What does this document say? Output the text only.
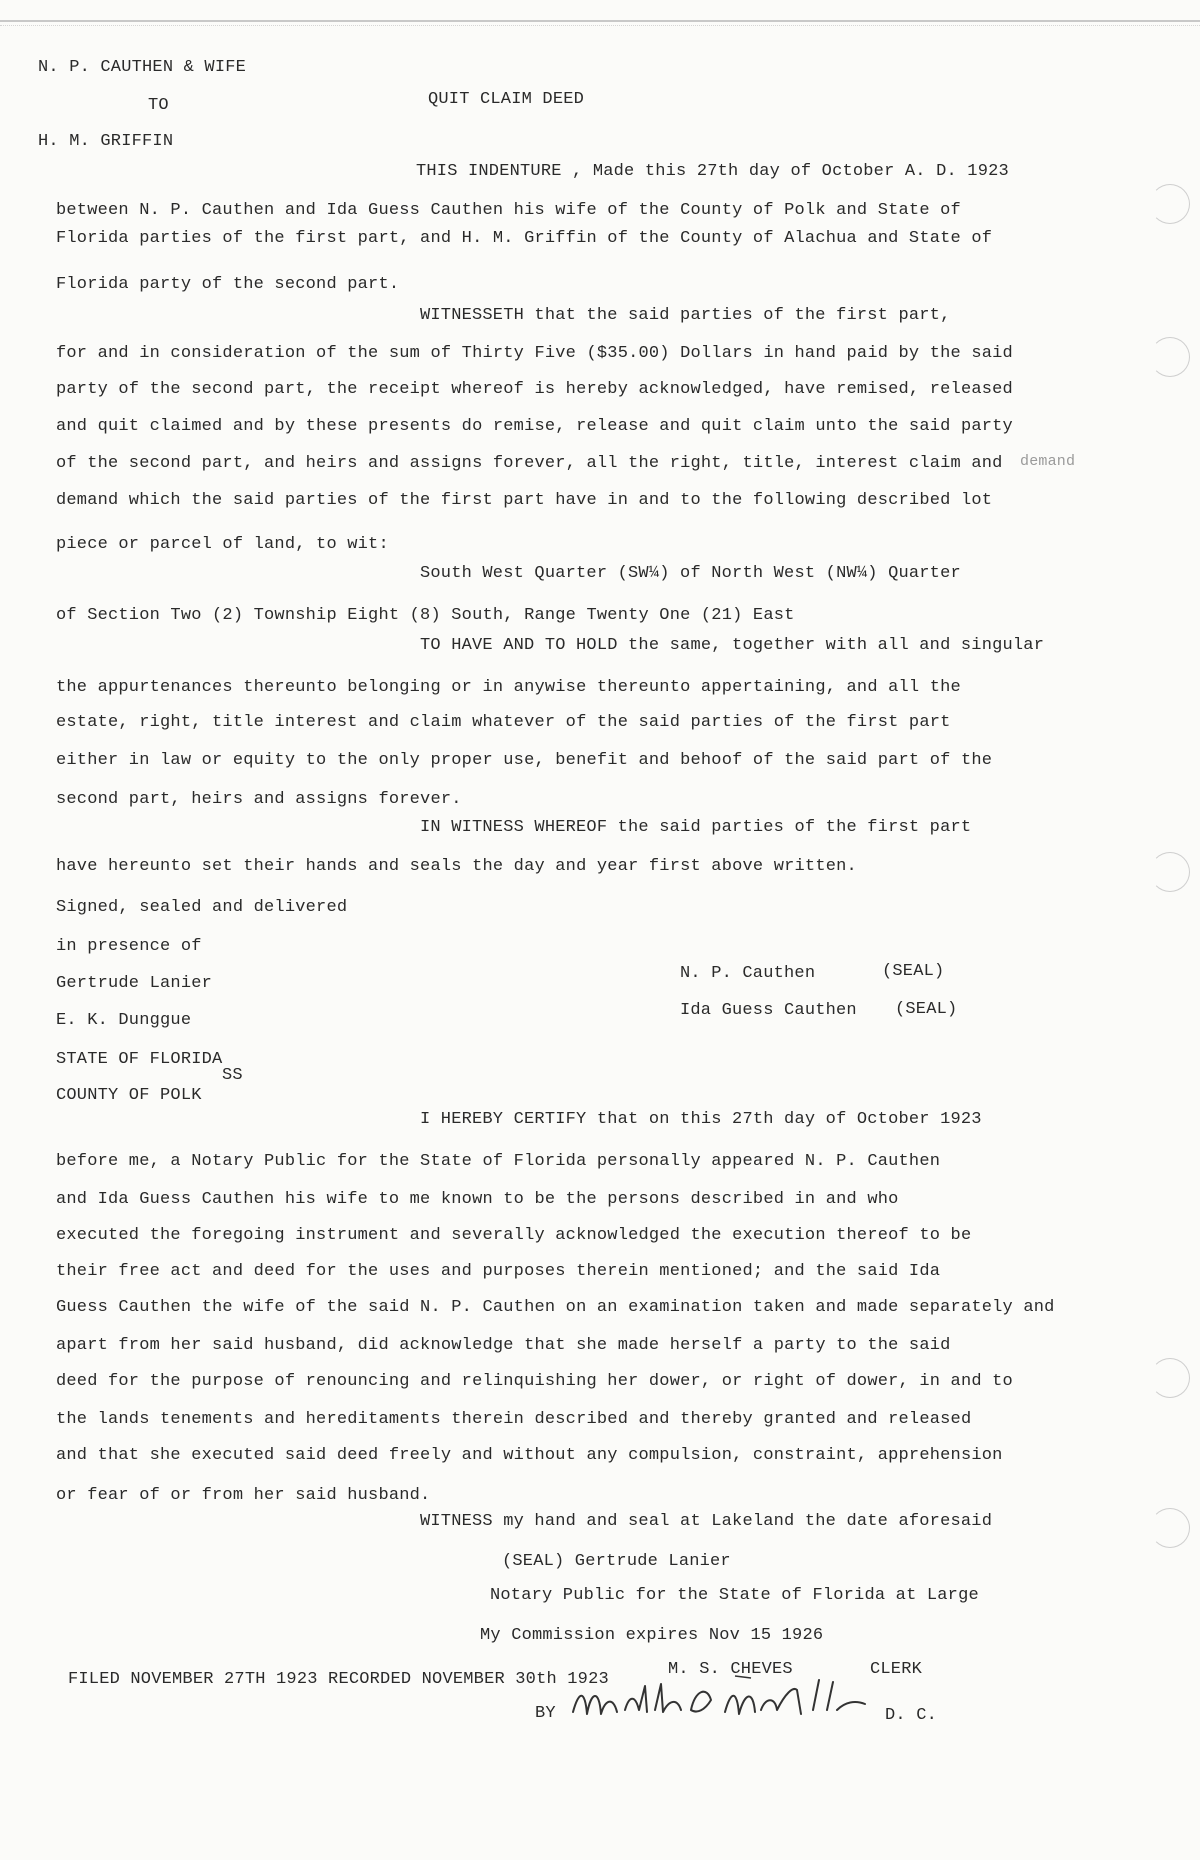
N. P. CAUTHEN & WIFE
TO	QUIT CLAIM DEED
H. M. GRIFFIN
THIS INDENTURE , Made this 27th day of October A. D. 1923
between N. P. Cauthen and Ida Guess Cauthen his wife of the County of Polk and State of
Florida parties of the first part, and H. M. Griffin of the County of Alachua and State of
Florida party of the second part.
WITNESSETH that the said parties of the first part,
for and in consideration of the sum of Thirty Five ($35.00) Dollars in hand paid by the said
party of the second part, the receipt whereof is hereby acknowledged, have remised, released
and quit claimed and by these presents do remise, release and quit claim unto the said party
of the second part, and heirs and assigns forever, all the right, title, interest claim and demand
demand which the said parties of the first part have in and to the following described lot
piece or parcel of land, to wit:
South West Quarter (SW¼) of North West (NW¼) Quarter
of Section Two (2) Township Eight (8) South, Range Twenty One (21) East
TO HAVE AND TO HOLD the same, together with all and singular
the appurtenances thereunto belonging or in anywise thereunto appertaining, and all the
estate, right, title interest and claim whatever of the said parties of the first part
either in law or equity to the only proper use, benefit and behoof of the said part of the
second part, heirs and assigns forever.
IN WITNESS WHEREOF the said parties of the first part
have hereunto set their hands and seals the day and year first above written.
Signed, sealed and delivered
in presence of
Gertrude Lanier
E. K. Dunggue
N. P. Cauthen	(SEAL)
Ida Guess Cauthen (SEAL)
STATE OF FLORIDA
SS
COUNTY OF POLK
I HEREBY CERTIFY that on this 27th day of October 1923
before me, a Notary Public for the State of Florida personally appeared N. P. Cauthen
and Ida Guess Cauthen his wife to me known to be the persons described in and who
executed the foregoing instrument and severally acknowledged the execution thereof to be
their free act and deed for the uses and purposes therein mentioned; and the said Ida
Guess Cauthen the wife of the said N. P. Cauthen on an examination taken and made separately and
apart from her said husband, did acknowledge that she made herself a party to the said
deed for the purpose of renouncing and relinquishing her dower, or right of dower, in and to
the lands tenements and hereditaments therein described and thereby granted and released
and that she executed said deed freely and without any compulsion, constraint, apprehension
or fear of or from her said husband.
WITNESS my hand and seal at Lakeland the date aforesaid
(SEAL) Gertrude Lanier
Notary Public for the State of Florida at Large
My Commission expires Nov 15 1926
FILED NOVEMBER 27TH 1923 RECORDED NOVEMBER 30th 1923
M. S. CHEVES	CLERK
BY	D. C.
